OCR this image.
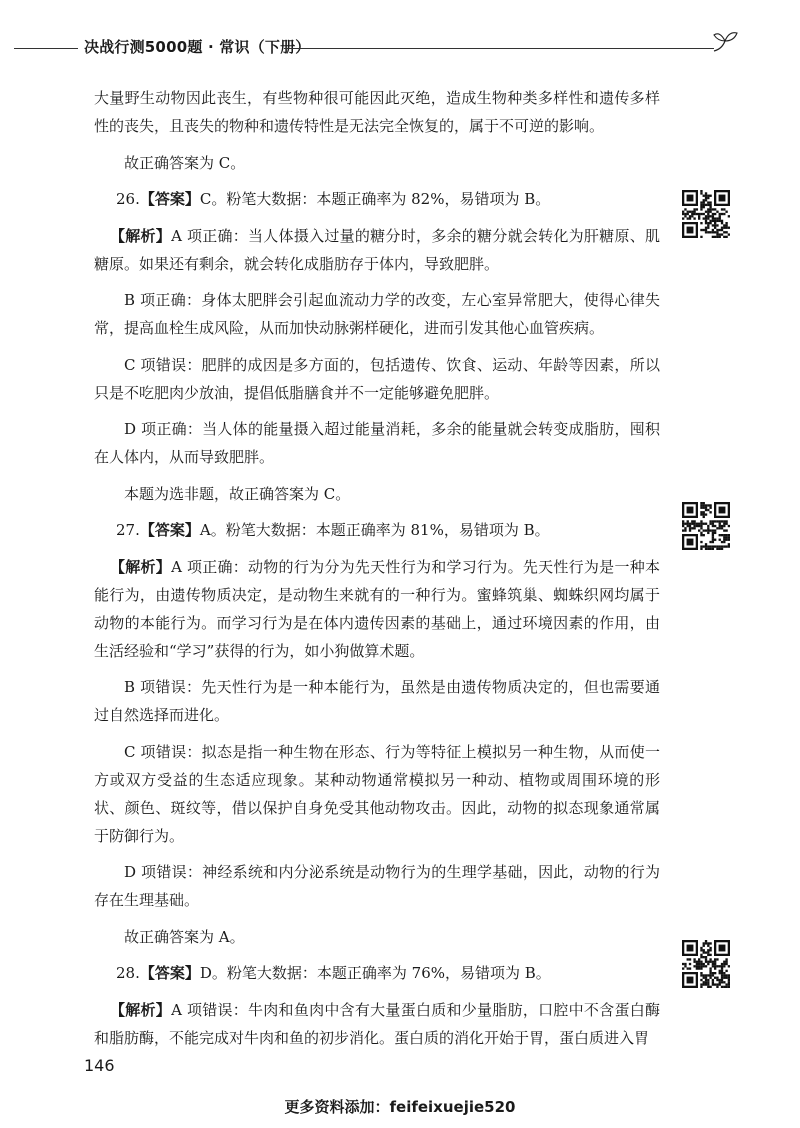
决战行测5000题 · 常识（下册）

大量野生动物因此丧生，有些物种很可能因此灭绝，造成生物种类多样性和遗传多样性的丧失，且丧失的物种和遗传特性是无法完全恢复的，属于不可逆的影响。

故正确答案为 C。

26.【答案】C。粉笔大数据：本题正确率为 82%，易错项为 B。

【解析】A 项正确：当人体摄入过量的糖分时，多余的糖分就会转化为肝糖原、肌糖原。如果还有剩余，就会转化成脂肪存于体内，导致肥胖。

B 项正确：身体太肥胖会引起血流动力学的改变，左心室异常肥大，使得心律失常，提高血栓生成风险，从而加快动脉粥样硬化，进而引发其他心血管疾病。

C 项错误：肥胖的成因是多方面的，包括遗传、饮食、运动、年龄等因素，所以只是不吃肥肉少放油，提倡低脂膳食并不一定能够避免肥胖。

D 项正确：当人体的能量摄入超过能量消耗，多余的能量就会转变成脂肪，囤积在人体内，从而导致肥胖。

本题为选非题，故正确答案为 C。

27.【答案】A。粉笔大数据：本题正确率为 81%，易错项为 B。

【解析】A 项正确：动物的行为分为先天性行为和学习行为。先天性行为是一种本能行为，由遗传物质决定，是动物生来就有的一种行为。蜜蜂筑巢、蜘蛛织网均属于动物的本能行为。而学习行为是在体内遗传因素的基础上，通过环境因素的作用，由生活经验和“学习”获得的行为，如小狗做算术题。

B 项错误：先天性行为是一种本能行为，虽然是由遗传物质决定的，但也需要通过自然选择而进化。

C 项错误：拟态是指一种生物在形态、行为等特征上模拟另一种生物，从而使一方或双方受益的生态适应现象。某种动物通常模拟另一种动、植物或周围环境的形状、颜色、斑纹等，借以保护自身免受其他动物攻击。因此，动物的拟态现象通常属于防御行为。

D 项错误：神经系统和内分泌系统是动物行为的生理学基础，因此，动物的行为存在生理基础。

故正确答案为 A。

28.【答案】D。粉笔大数据：本题正确率为 76%，易错项为 B。

【解析】A 项错误：牛肉和鱼肉中含有大量蛋白质和少量脂肪，口腔中不含蛋白酶和脂肪酶，不能完成对牛肉和鱼的初步消化。蛋白质的消化开始于胃，蛋白质进入胃

146
更多资料添加：feifeixuejie520
